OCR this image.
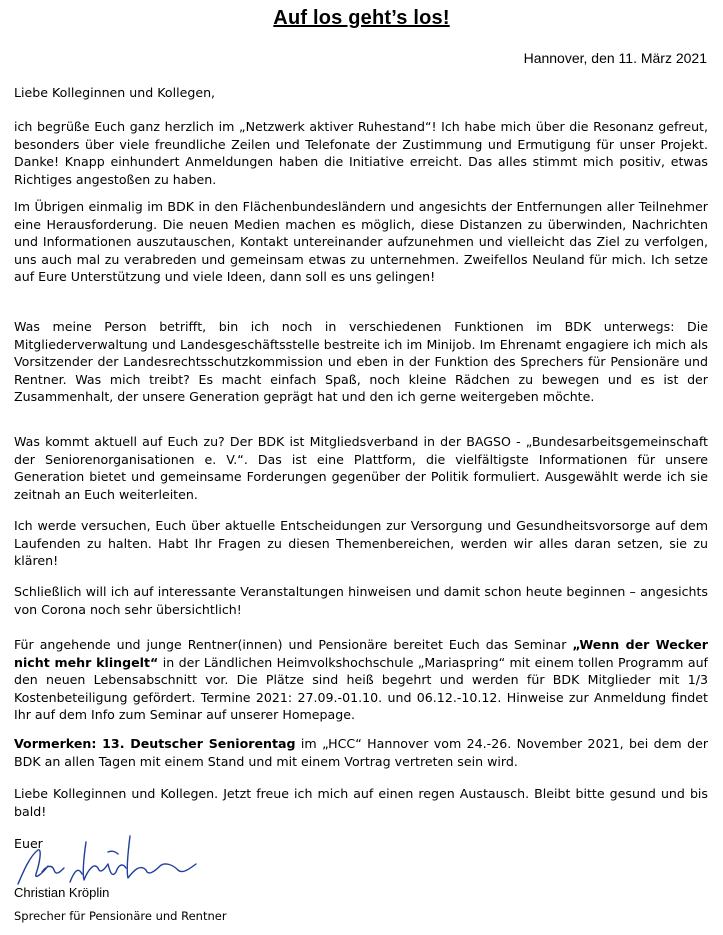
Auf los geht’s los!
Hannover, den 11. März 2021

Liebe Kolleginnen und Kollegen,

ich begrüße Euch ganz herzlich im „Netzwerk aktiver Ruhestand“! Ich habe mich über die Resonanz gefreut, besonders über viele freundliche Zeilen und Telefonate der Zustimmung und Ermutigung für unser Projekt. Danke! Knapp einhundert Anmeldungen haben die Initiative erreicht. Das alles stimmt mich positiv, etwas Richtiges angestoßen zu haben.

Im Übrigen einmalig im BDK in den Flächenbundesländern und angesichts der Entfernungen aller Teilnehmer eine Herausforderung. Die neuen Medien machen es möglich, diese Distanzen zu überwinden, Nachrichten und Informationen auszutauschen, Kontakt untereinander aufzunehmen und vielleicht das Ziel zu verfolgen, uns auch mal zu verabreden und gemeinsam etwas zu unternehmen. Zweifellos Neuland für mich. Ich setze auf Eure Unterstützung und viele Ideen, dann soll es uns gelingen!

Was meine Person betrifft, bin ich noch in verschiedenen Funktionen im BDK unterwegs: Die Mitgliederverwaltung und Landesgeschäftsstelle bestreite ich im Minijob. Im Ehrenamt engagiere ich mich als Vorsitzender der Landesrechtsschutzkommission und eben in der Funktion des Sprechers für Pensionäre und Rentner. Was mich treibt? Es macht einfach Spaß, noch kleine Rädchen zu bewegen und es ist der Zusammenhalt, der unsere Generation geprägt hat und den ich gerne weitergeben möchte.

Was kommt aktuell auf Euch zu? Der BDK ist Mitgliedsverband in der BAGSO - „Bundesarbeitsgemeinschaft der Seniorenorganisationen e. V.“. Das ist eine Plattform, die vielfältigste Informationen für unsere Generation bietet und gemeinsame Forderungen gegenüber der Politik formuliert. Ausgewählt werde ich sie zeitnah an Euch weiterleiten.

Ich werde versuchen, Euch über aktuelle Entscheidungen zur Versorgung und Gesundheitsvorsorge auf dem Laufenden zu halten. Habt Ihr Fragen zu diesen Themenbereichen, werden wir alles daran setzen, sie zu klären!

Schließlich will ich auf interessante Veranstaltungen hinweisen und damit schon heute beginnen – angesichts von Corona noch sehr übersichtlich!

Für angehende und junge Rentner(innen) und Pensionäre bereitet Euch das Seminar „Wenn der Wecker nicht mehr klingelt“ in der Ländlichen Heimvolkshochschule „Mariaspring“ mit einem tollen Programm auf den neuen Lebensabschnitt vor. Die Plätze sind heiß begehrt und werden für BDK Mitglieder mit 1/3 Kostenbeteiligung gefördert. Termine 2021: 27.09.-01.10. und 06.12.-10.12. Hinweise zur Anmeldung findet Ihr auf dem Info zum Seminar auf unserer Homepage.

Vormerken: 13. Deutscher Seniorentag im „HCC“ Hannover vom 24.-26. November 2021, bei dem der BDK an allen Tagen mit einem Stand und mit einem Vortrag vertreten sein wird.

Liebe Kolleginnen und Kollegen. Jetzt freue ich mich auf einen regen Austausch. Bleibt bitte gesund und bis bald!

Euer
Christian Kröplin
Sprecher für Pensionäre und Rentner
